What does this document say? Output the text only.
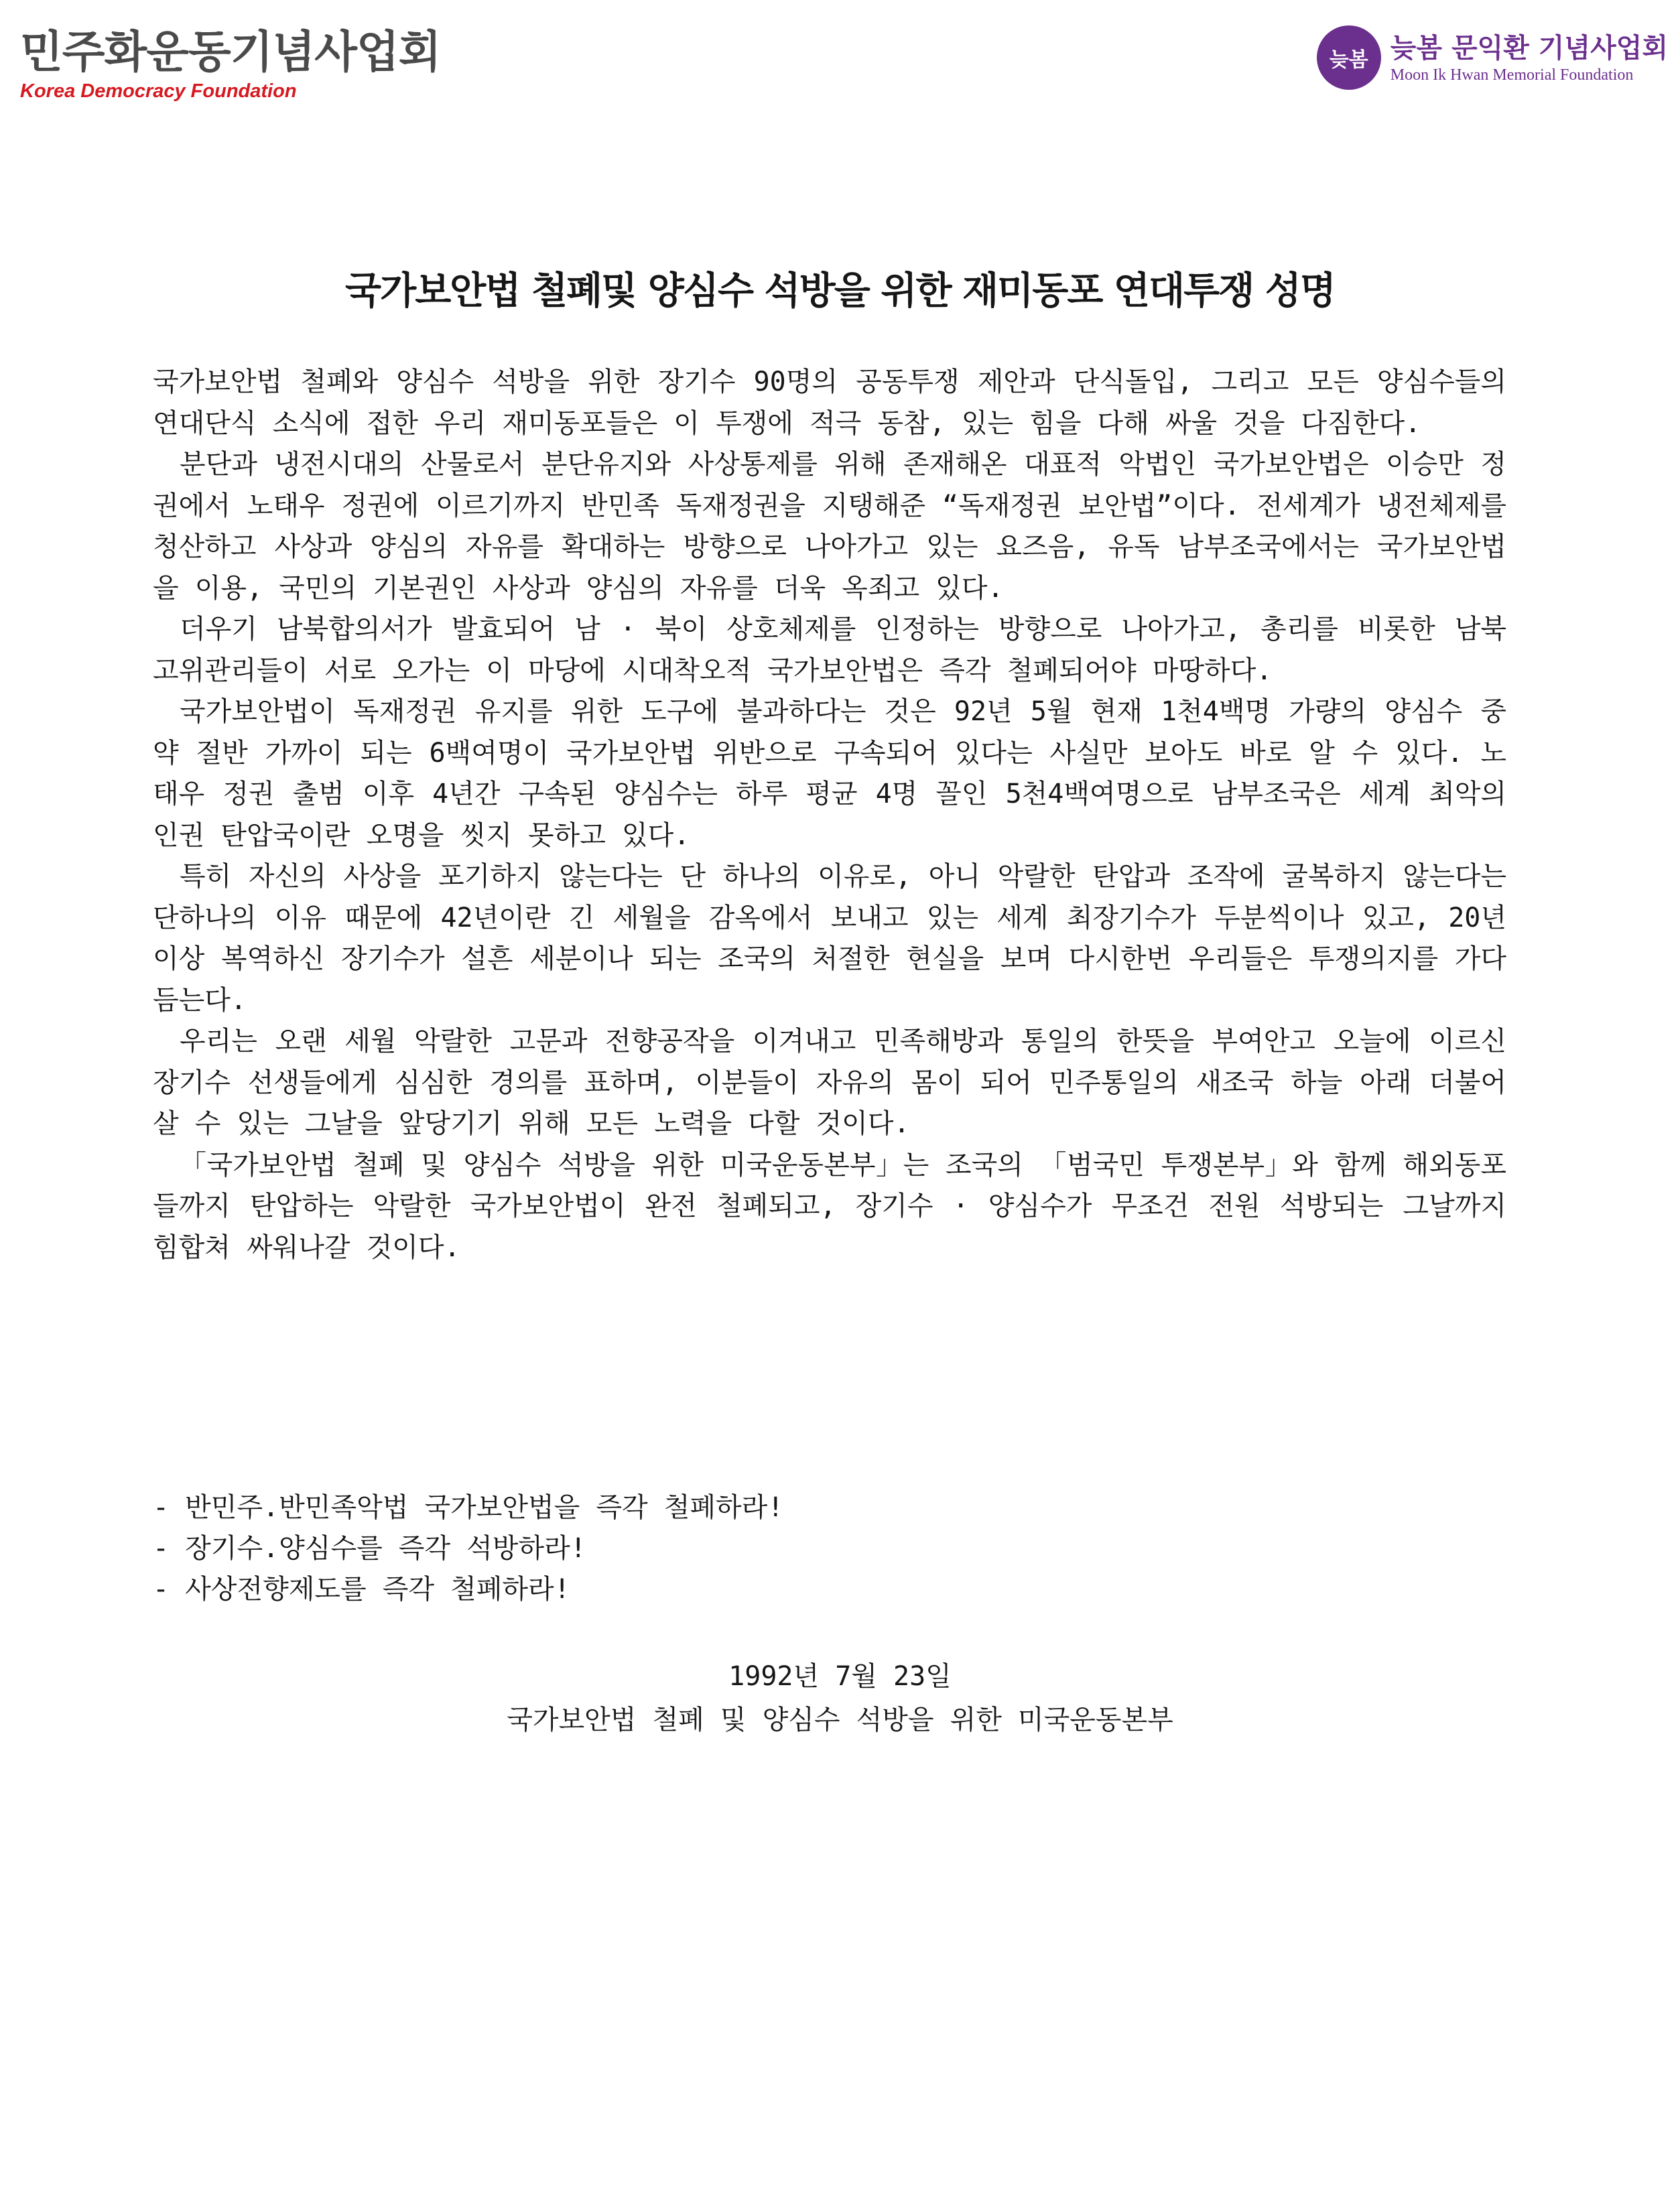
민주화운동기념사업회
Korea Democracy Foundation
늦봄 늦봄 문익환 기념사업회
Moon Ik Hwan Memorial Foundation
국가보안법 철폐및 양심수 석방을 위한 재미동포 연대투쟁 성명

국가보안법 철폐와 양심수 석방을 위한 장기수 90명의 공동투쟁 제안과 단식돌입, 그리고 모든 양심수들의 연대단식 소식에 접한 우리 재미동포들은 이 투쟁에 적극 동참, 있는 힘을 다해 싸울 것을 다짐한다.

분단과 냉전시대의 산물로서 분단유지와 사상통제를 위해 존재해온 대표적 악법인 국가보안법은 이승만 정권에서 노태우 정권에 이르기까지 반민족 독재정권을 지탱해준 “독재정권 보안법”이다. 전세계가 냉전체제를 청산하고 사상과 양심의 자유를 확대하는 방향으로 나아가고 있는 요즈음, 유독 남부조국에서는 국가보안법을 이용, 국민의 기본권인 사상과 양심의 자유를 더욱 옥죄고 있다.

더우기 남북합의서가 발효되어 남 · 북이 상호체제를 인정하는 방향으로 나아가고, 총리를 비롯한 남북 고위관리들이 서로 오가는 이 마당에 시대착오적 국가보안법은 즉각 철폐되어야 마땅하다.

국가보안법이 독재정권 유지를 위한 도구에 불과하다는 것은 92년 5월 현재 1천4백명 가량의 양심수 중 약 절반 가까이 되는 6백여명이 국가보안법 위반으로 구속되어 있다는 사실만 보아도 바로 알 수 있다. 노태우 정권 출범 이후 4년간 구속된 양심수는 하루 평균 4명 꼴인 5천4백여명으로 남부조국은 세계 최악의 인권 탄압국이란 오명을 씻지 못하고 있다.

특히 자신의 사상을 포기하지 않는다는 단 하나의 이유로, 아니 악랄한 탄압과 조작에 굴복하지 않는다는 단하나의 이유 때문에 42년이란 긴 세월을 감옥에서 보내고 있는 세계 최장기수가 두분씩이나 있고, 20년 이상 복역하신 장기수가 설흔 세분이나 되는 조국의 처절한 현실을 보며 다시한번 우리들은 투쟁의지를 가다듬는다.

우리는 오랜 세월 악랄한 고문과 전향공작을 이겨내고 민족해방과 통일의 한뜻을 부여안고 오늘에 이르신 장기수 선생들에게 심심한 경의를 표하며, 이분들이 자유의 몸이 되어 민주통일의 새조국 하늘 아래 더불어 살 수 있는 그날을 앞당기기 위해 모든 노력을 다할 것이다.

「국가보안법 철폐 및 양심수 석방을 위한 미국운동본부」는 조국의 「범국민 투쟁본부」와 함께 해외동포들까지 탄압하는 악랄한 국가보안법이 완전 철폐되고, 장기수 · 양심수가 무조건 전원 석방되는 그날까지 힘합쳐 싸워나갈 것이다.

- 반민주.반민족악법 국가보안법을 즉각 철폐하라!
- 장기수.양심수를 즉각 석방하라!
- 사상전향제도를 즉각 철폐하라!
1992년 7월 23일
국가보안법 철폐 및 양심수 석방을 위한 미국운동본부
